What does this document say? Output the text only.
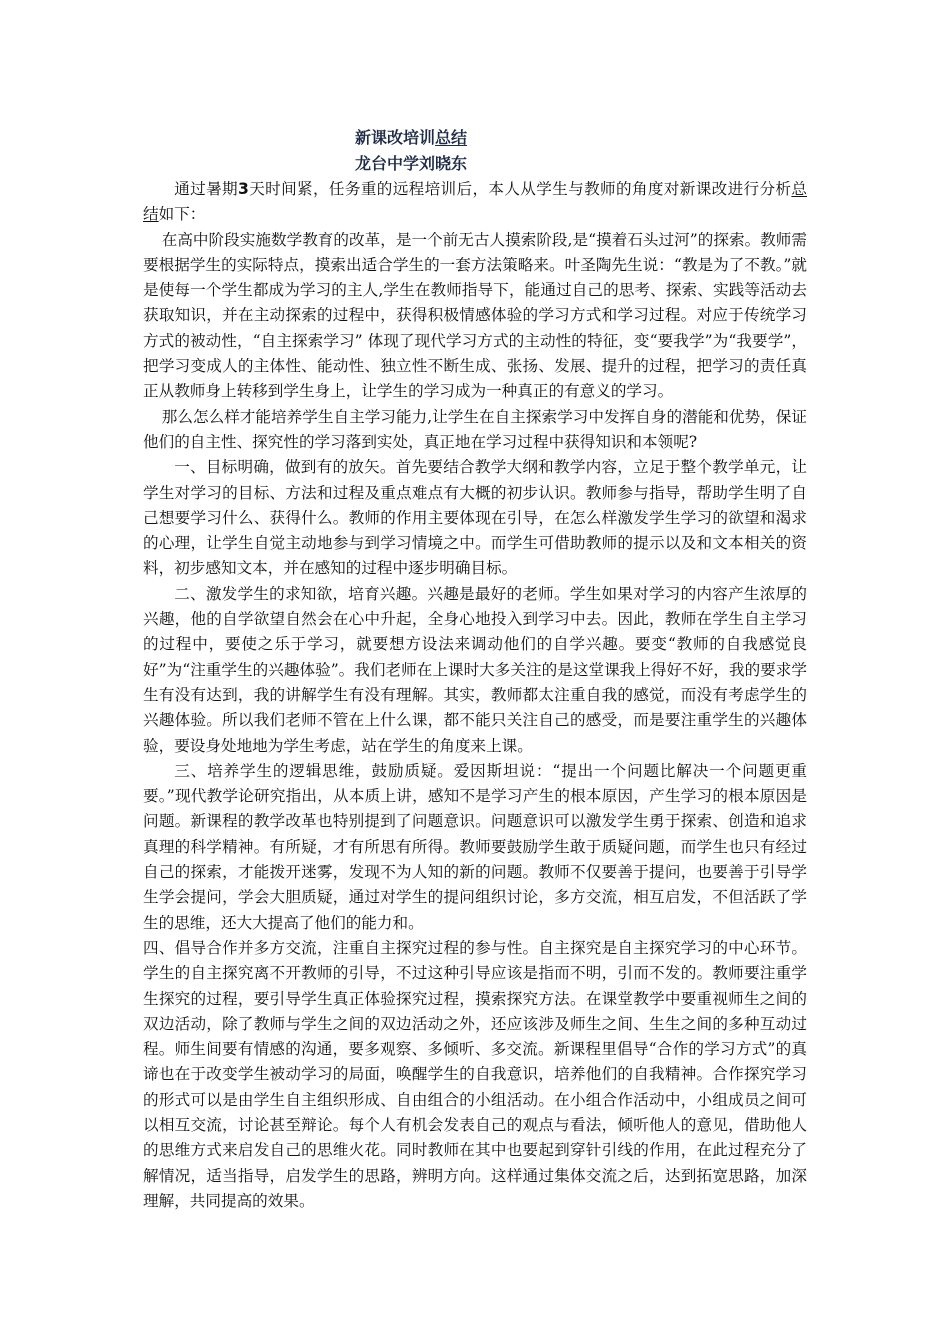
新课改培训总结
龙台中学刘晓东

通过暑期3天时间紧，任务重的远程培训后，本人从学生与教师的角度对新课改进行分析总结如下：

在高中阶段实施数学教育的改革，是一个前无古人摸索阶段,是“摸着石头过河”的探索。教师需要根据学生的实际特点，摸索出适合学生的一套方法策略来。叶圣陶先生说：“教是为了不教。”就是使每一个学生都成为学习的主人,学生在教师指导下，能通过自己的思考、探索、实践等活动去获取知识，并在主动探索的过程中，获得积极情感体验的学习方式和学习过程。对应于传统学习方式的被动性，“自主探索学习” 体现了现代学习方式的主动性的特征，变“要我学”为“我要学”，把学习变成人的主体性、能动性、独立性不断生成、张扬、发展、提升的过程，把学习的责任真正从教师身上转移到学生身上，让学生的学习成为一种真正的有意义的学习。

那么怎么样才能培养学生自主学习能力,让学生在自主探索学习中发挥自身的潜能和优势，保证他们的自主性、探究性的学习落到实处，真正地在学习过程中获得知识和本领呢?

一、目标明确，做到有的放矢。首先要结合教学大纲和教学内容，立足于整个教学单元，让学生对学习的目标、方法和过程及重点难点有大概的初步认识。教师参与指导，帮助学生明了自己想要学习什么、获得什么。教师的作用主要体现在引导，在怎么样激发学生学习的欲望和渴求的心理，让学生自觉主动地参与到学习情境之中。而学生可借助教师的提示以及和文本相关的资料，初步感知文本，并在感知的过程中逐步明确目标。

二、激发学生的求知欲，培育兴趣。兴趣是最好的老师。学生如果对学习的内容产生浓厚的兴趣，他的自学欲望自然会在心中升起，全身心地投入到学习中去。因此，教师在学生自主学习的过程中，要使之乐于学习，就要想方设法来调动他们的自学兴趣。要变“教师的自我感觉良好”为“注重学生的兴趣体验”。我们老师在上课时大多关注的是这堂课我上得好不好，我的要求学生有没有达到，我的讲解学生有没有理解。其实，教师都太注重自我的感觉，而没有考虑学生的兴趣体验。所以我们老师不管在上什么课，都不能只关注自己的感受，而是要注重学生的兴趣体验，要设身处地地为学生考虑，站在学生的角度来上课。

三、培养学生的逻辑思维，鼓励质疑。爱因斯坦说：“提出一个问题比解决一个问题更重要。”现代教学论研究指出，从本质上讲，感知不是学习产生的根本原因，产生学习的根本原因是问题。新课程的教学改革也特别提到了问题意识。问题意识可以激发学生勇于探索、创造和追求真理的科学精神。有所疑，才有所思有所得。教师要鼓励学生敢于质疑问题，而学生也只有经过自己的探索，才能拨开迷雾，发现不为人知的新的问题。教师不仅要善于提问，也要善于引导学生学会提问，学会大胆质疑，通过对学生的提问组织讨论，多方交流，相互启发，不但活跃了学生的思维，还大大提高了他们的能力和。

四、倡导合作并多方交流，注重自主探究过程的参与性。自主探究是自主探究学习的中心环节。学生的自主探究离不开教师的引导，不过这种引导应该是指而不明，引而不发的。教师要注重学生探究的过程，要引导学生真正体验探究过程，摸索探究方法。在课堂教学中要重视师生之间的双边活动，除了教师与学生之间的双边活动之外，还应该涉及师生之间、生生之间的多种互动过程。师生间要有情感的沟通，要多观察、多倾听、多交流。新课程里倡导“合作的学习方式”的真谛也在于改变学生被动学习的局面，唤醒学生的自我意识，培养他们的自我精神。合作探究学习的形式可以是由学生自主组织形成、自由组合的小组活动。在小组合作活动中，小组成员之间可以相互交流，讨论甚至辩论。每个人有机会发表自己的观点与看法，倾听他人的意见，借助他人的思维方式来启发自己的思维火花。同时教师在其中也要起到穿针引线的作用，在此过程充分了解情况，适当指导，启发学生的思路，辨明方向。这样通过集体交流之后，达到拓宽思路，加深理解，共同提高的效果。
